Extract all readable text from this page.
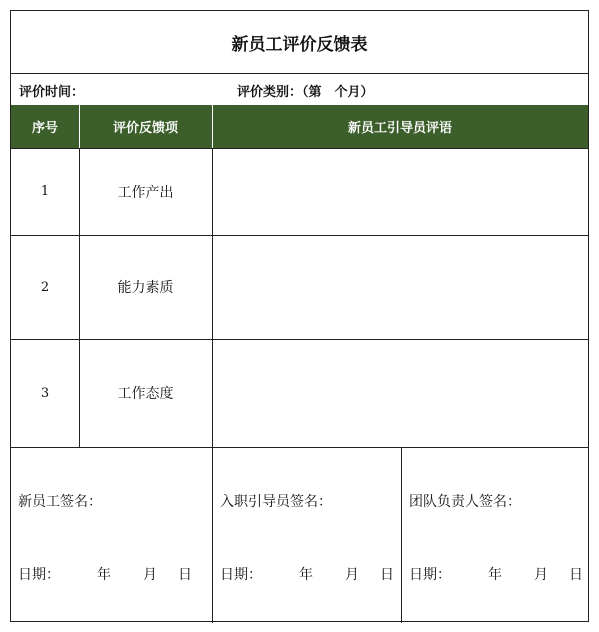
新员工评价反馈表
评价时间：	评价类别：（第　个月）
序号	评价反馈项	新员工引导员评语
1	工作产出
2	能力素质
3	工作态度
新员工签名：
日期：	年 月 日
入职引导员签名：
日期：	年 月 日
团队负责人签名：
日期：	年 月 日
